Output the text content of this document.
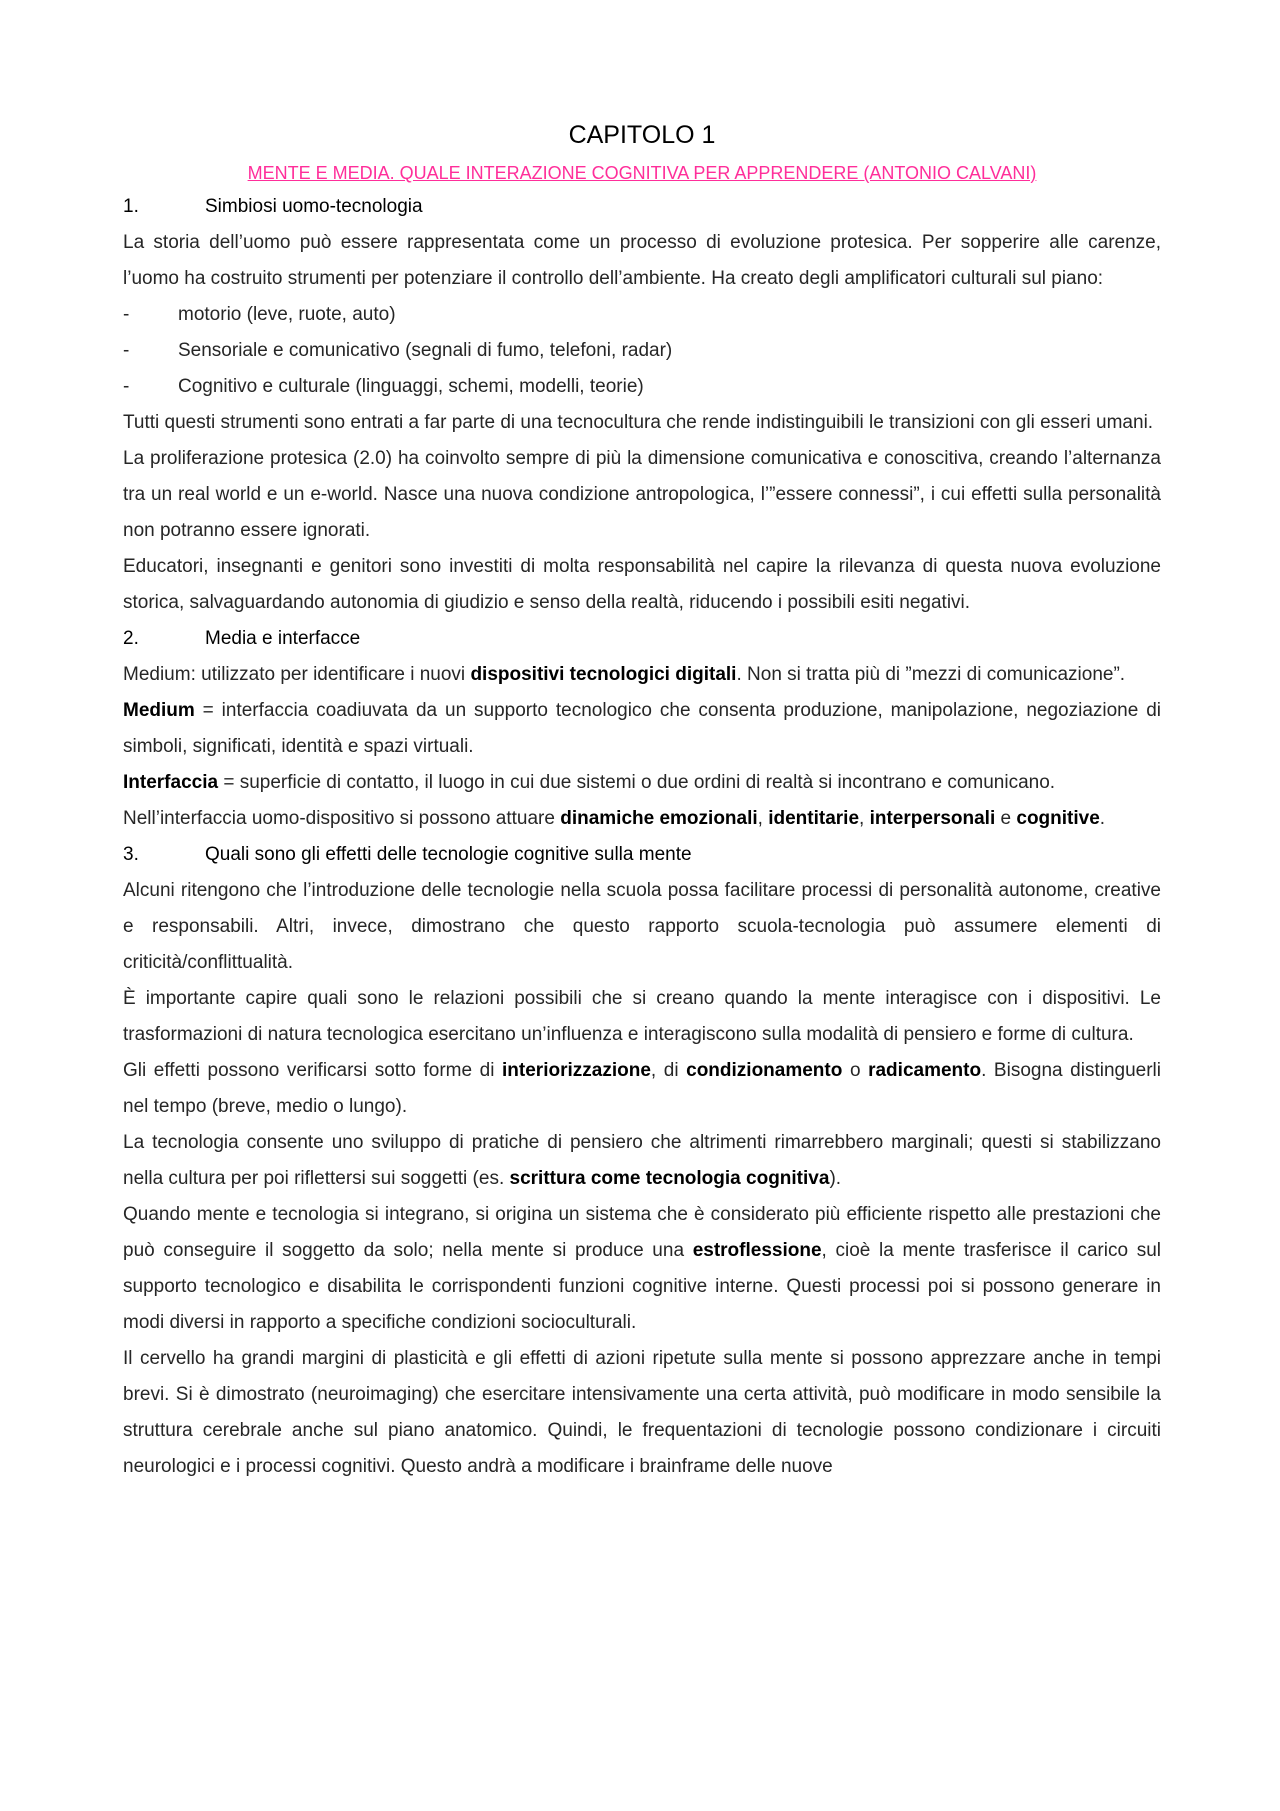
CAPITOLO 1
MENTE E MEDIA. QUALE INTERAZIONE COGNITIVA PER APPRENDERE (ANTONIO CALVANI)
1.	Simbiosi uomo-tecnologia

La storia dell’uomo può essere rappresentata come un processo di evoluzione protesica. Per sopperire alle carenze, l’uomo ha costruito strumenti per potenziare il controllo dell’ambiente. Ha creato degli amplificatori culturali sul piano:

-	motorio (leve, ruote, auto)
-	Sensoriale e comunicativo (segnali di fumo, telefoni, radar)
-	Cognitivo e culturale (linguaggi, schemi, modelli, teorie)

Tutti questi strumenti sono entrati a far parte di una tecnocultura che rende indistinguibili le transizioni con gli esseri umani.

La proliferazione protesica (2.0) ha coinvolto sempre di più la dimensione comunicativa e conoscitiva, creando l’alternanza tra un real world e un e-world. Nasce una nuova condizione antropologica, l’”essere connessi”, i cui effetti sulla personalità non potranno essere ignorati.

Educatori, insegnanti e genitori sono investiti di molta responsabilità nel capire la rilevanza di questa nuova evoluzione storica, salvaguardando autonomia di giudizio e senso della realtà, riducendo i possibili esiti negativi.

2.	Media e interfacce

Medium: utilizzato per identificare i nuovi dispositivi tecnologici digitali. Non si tratta più di ”mezzi di comunicazione”.

Medium = interfaccia coadiuvata da un supporto tecnologico che consenta produzione, manipolazione, negoziazione di simboli, significati, identità e spazi virtuali.

Interfaccia = superficie di contatto, il luogo in cui due sistemi o due ordini di realtà si incontrano e comunicano.

Nell’interfaccia uomo-dispositivo si possono attuare dinamiche emozionali, identitarie, interpersonali e cognitive.

3.	Quali sono gli effetti delle tecnologie cognitive sulla mente

Alcuni ritengono che l’introduzione delle tecnologie nella scuola possa facilitare processi di personalità autonome, creative e responsabili. Altri, invece, dimostrano che questo rapporto scuola-tecnologia può assumere elementi di criticità/conflittualità.

È importante capire quali sono le relazioni possibili che si creano quando la mente interagisce con i dispositivi. Le trasformazioni di natura tecnologica esercitano un’influenza e interagiscono sulla modalità di pensiero e forme di cultura.

Gli effetti possono verificarsi sotto forme di interiorizzazione, di condizionamento o radicamento. Bisogna distinguerli nel tempo (breve, medio o lungo).

La tecnologia consente uno sviluppo di pratiche di pensiero che altrimenti rimarrebbero marginali; questi si stabilizzano nella cultura per poi riflettersi sui soggetti (es. scrittura come tecnologia cognitiva).

Quando mente e tecnologia si integrano, si origina un sistema che è considerato più efficiente rispetto alle prestazioni che può conseguire il soggetto da solo; nella mente si produce una estroflessione, cioè la mente trasferisce il carico sul supporto tecnologico e disabilita le corrispondenti funzioni cognitive interne. Questi processi poi si possono generare in modi diversi in rapporto a specifiche condizioni socioculturali.

Il cervello ha grandi margini di plasticità e gli effetti di azioni ripetute sulla mente si possono apprezzare anche in tempi brevi. Si è dimostrato (neuroimaging) che esercitare intensivamente una certa attività, può modificare in modo sensibile la struttura cerebrale anche sul piano anatomico. Quindi, le frequentazioni di tecnologie possono condizionare i circuiti neurologici e i processi cognitivi. Questo andrà a modificare i brainframe delle nuove
